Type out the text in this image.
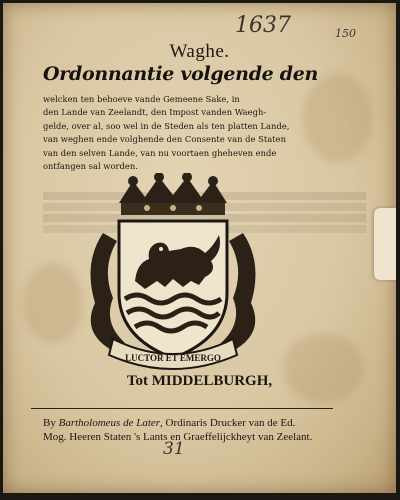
1637	150
Waghe.
Ordonnantie volgende den
welcken ten behoeve vande Gemeene Sake, in
den Lande van Zeelandt, den Impost vanden Waegh-
gelde, over al, soo wel in de Steden als ten platten Lande,
van weghen ende volghende den Consente van de Staten
van den selven Lande, van nu voortaen gheheven ende
ontfangen sal worden.
LUCTOR ET EMERGO
Tot MIDDELBURGH,
By Bartholomeus de Later, Ordinaris Drucker van de Ed.
Mog. Heeren Staten 's Lants en Graeffelijckheyt van Zeelant.
31
